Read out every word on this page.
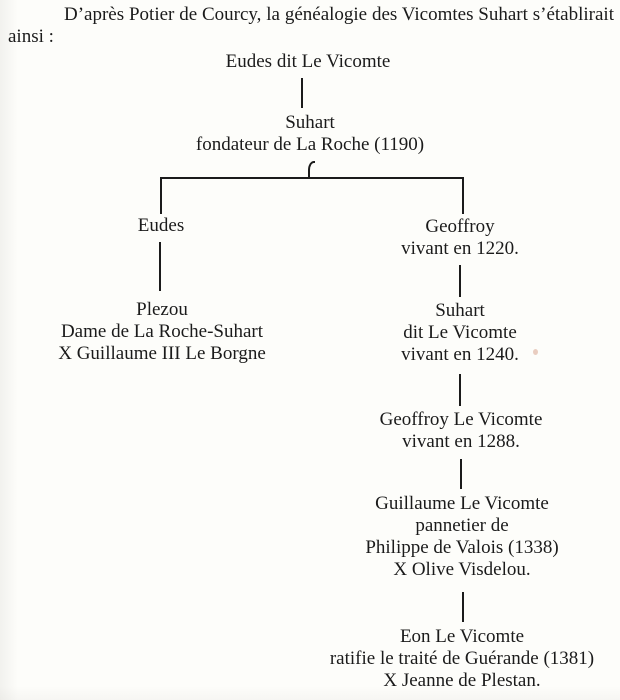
D’après Potier de Courcy, la généalogie des Vicomtes Suhart s’établirait
ainsi :
Eudes dit Le Vicomte
Suhart
fondateur de La Roche (1190)
Eudes
Plezou
Dame de La Roche-Suhart
X Guillaume III Le Borgne
Geoffroy
vivant en 1220.
Suhart
dit Le Vicomte
vivant en 1240.
Geoffroy Le Vicomte
vivant en 1288.
Guillaume Le Vicomte
pannetier de
Philippe de Valois (1338)
X Olive Visdelou.
Eon Le Vicomte
ratifie le traité de Guérande (1381)
X Jeanne de Plestan.
